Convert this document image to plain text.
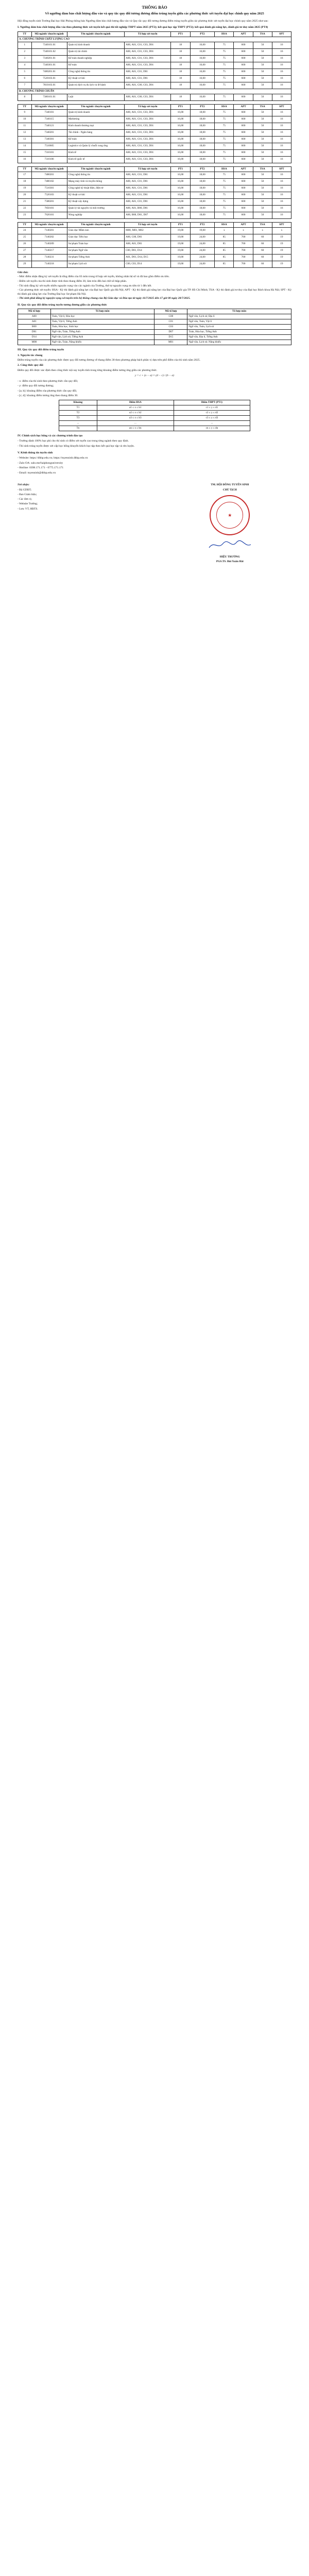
THÔNG BÁO
Về ngưỡng đảm bảo chất lượng đầu vào và quy tắc quy đổi tương đương điểm trúng tuyển giữa các phương thức xét tuyển đại học chính quy năm 2025

Hội đồng tuyển sinh Trường Đại học Hải Phòng thông báo Ngưỡng đảm bảo chất lượng đầu vào và Quy tắc quy đổi tương đương điểm trúng tuyển giữa các phương thức xét tuyển đại học chính quy năm 2025 như sau:

I. Ngưỡng đảm bảo chất lượng đầu vào theo phương thức xét tuyển kết quả thi tốt nghiệp THPT năm 2025 (PT2); kết quả học tập THPT (PT2); kết quả đánh giá năng lực, đánh giá tư duy năm 2025 (PT4)

TT	Mã ngành/ chuyên ngành	Tên ngành/ chuyên ngành	Tổ hợp xét tuyển	PT1	PT2	HSA	APT	TSA	SPT
A. CHƯƠNG TRÌNH CHẤT LƯỢNG CAO									
1	7340101.01	Quản trị kinh doanh	A00, A01, C01, C03, D01	18	16,00	75	600	50	16
2	7340101.02	Quản trị tài chính	A00, A01, C01, C03, D01	18	16,00	75	600	50	16
3	7340201.01	Kế toán doanh nghiệp	A00, A01, C01, C03, D01	18	16,00	75	600	50	16
4	7340301.01	Kế toán	A00, A01, C01, C03, D01	18	16,00	75	600	50	16
5	7480201.01	Công nghệ thông tin	A00, A01, C01, D01	18	16,00	75	600	50	16
6	7520103.01	Kỹ thuật cơ khí	A00, A01, C01, D01	18	16,00	75	600	50	16
7	7810103.01	Quản trị dịch vụ du lịch và lữ hành	A00, A01, C00, C03, D01	18	16,00	75	600	50	16
B. CHƯƠNG TRÌNH CHUẨN									
8	7380101.01	Luật	A00, A01, C00, C03, D01	18	16,00	75	600	50	16
TT	Mã ngành/ chuyên ngành	Tên ngành/ chuyên ngành	Tổ hợp xét tuyển	PT1	PT2	HSA	APT	TSA	SPT
9	7340101	Quản trị kinh doanh	A00, A01, C01, C03, D01	16,00	18,00	75	600	50	16
10	7340115	Marketing	A00, A01, C01, C03, D01	16,00	18,00	75	600	50	16
11	7340121	Kinh doanh thương mại	A00, A01, C01, C03, D01	16,00	18,00	75	600	50	16
12	7340201	Tài chính - Ngân hàng	A00, A01, C01, C03, D01	16,00	18,00	75	600	50	16
13	7340301	Kế toán	A00, A01, C01, C03, D01	16,00	18,00	75	600	50	16
14	7510605	Logistics và Quản lý chuỗi cung ứng	A00, A01, C01, C03, D01	16,00	18,00	75	600	50	16
15	7310101	Kinh tế	A00, A01, C01, C03, D01	16,00	18,00	75	600	50	16
16	7310106	Kinh tế quốc tế	A00, A01, C01, C03, D01	16,00	18,00	75	600	50	16
TT	Mã ngành/ chuyên ngành	Tên ngành/ chuyên ngành	Tổ hợp xét tuyển	PT1	PT2	HSA	APT	TSA	SPT
17	7480201	Công nghệ thông tin	A00, A01, C01, D01	16,00	18,00	75	600	50	16
18	7480102	Mạng máy tính và truyền thông	A00, A01, C01, D01	16,00	18,00	75	600	50	16
19	7510301	Công nghệ kỹ thuật điện, điện tử	A00, A01, C01, D01	16,00	18,00	75	600	50	16
20	7520103	Kỹ thuật cơ khí	A00, A01, C01, D01	16,00	18,00	75	600	50	16
21	7580201	Kỹ thuật xây dựng	A00, A01, C01, D01	16,00	18,00	75	600	50	16
22	7850101	Quản lý tài nguyên và môi trường	A00, A01, B00, D01	16,00	18,00	75	600	50	16
23	7620101	Nông nghiệp	A00, B00, D01, D07	16,00	18,00	75	600	50	16
TT	Mã ngành/ chuyên ngành	Tên ngành/ chuyên ngành	Tổ hợp xét tuyển	PT1	PT2	HSA	APT	TSA	SPT
24	7140201	Giáo dục Mầm non	M00, M01, M02	19,00	19,00	x	x	x	x
25	7140202	Giáo dục Tiểu học	A00, C00, D01	19,00	24,00	85	700	60	19
26	7140209	Sư phạm Toán học	A00, A01, D01	19,00	24,00	85	700	60	19
27	7140217	Sư phạm Ngữ văn	C00, D01, D14	19,00	24,00	85	700	60	19
28	7140231	Sư phạm Tiếng Anh	A01, D01, D14, D15	19,00	24,00	85	700	60	19
29	7140218	Sư phạm Lịch sử	C00, C03, D14	19,00	24,00	85	700	60	19

Ghi chú:

- Mức điểm nhận đăng ký xét tuyển là tổng điểm của 03 môn trong tổ hợp xét tuyển, không nhân hệ số và đã bao gồm điểm ưu tiên.

- Điểm xét tuyển của thí sinh được tính theo thang điểm 30, làm tròn đến hai chữ số thập phân.

- Thí sinh đăng ký xét tuyển nhiều nguyện vọng vào các ngành của Trường, thứ tự nguyện vọng ưu tiên từ 1 đến hết.

- Các phương thức xét tuyển: HSA - Kỳ thi đánh giá năng lực của Đại học Quốc gia Hà Nội; APT - Kỳ thi đánh giá năng lực của Đại học Quốc gia TP. Hồ Chí Minh; TSA - Kỳ thi đánh giá tư duy của Đại học Bách khoa Hà Nội; SPT - Kỳ thi đánh giá năng lực của Trường Đại học Sư phạm Hà Nội.

- Thí sinh phải đăng ký nguyện vọng xét tuyển trên hệ thống chung của Bộ Giáo dục và Đào tạo từ ngày 16/7/2025 đến 17 giờ 00 ngày 28/7/2025.

II. Quy tắc quy đổi điểm trúng tuyển tương đương giữa các phương thức

Mã tổ hợp	Tổ hợp môn	Mã tổ hợp	Tổ hợp môn
A00	Toán, Vật lí, Hóa học	C00	Ngữ văn, Lịch sử, Địa lí
A01	Toán, Vật lí, Tiếng Anh	C01	Ngữ văn, Toán, Vật lí
B00	Toán, Hóa học, Sinh học	C03	Ngữ văn, Toán, Lịch sử
D01	Ngữ văn, Toán, Tiếng Anh	D07	Toán, Hóa học, Tiếng Anh
D14	Ngữ văn, Lịch sử, Tiếng Anh	D15	Ngữ văn, Địa lí, Tiếng Anh
M00	Ngữ văn, Toán, Năng khiếu	M01	Ngữ văn, Lịch sử, Năng khiếu

III. Quy tắc quy đổi điểm trúng tuyển

1. Nguyên tắc chung

Điểm trúng tuyển của các phương thức được quy đổi tương đương về thang điểm 30 theo phương pháp bách phân vị dựa trên phổ điểm của thí sinh năm 2025.

2. Công thức quy đổi

Điểm quy đổi được xác định theo công thức nội suy tuyến tính trong từng khoảng điểm tương ứng giữa các phương thức.

y = c + (x − a) × (d − c) / (b − a)

- x: điểm của thí sinh theo phương thức cần quy đổi;

- y: điểm quy đổi tương đương;

- [a; b]: khoảng điểm của phương thức cần quy đổi;

- [c; d]: khoảng điểm tương ứng theo thang điểm 30.

Khoảng	Điểm HSA	Điểm THPT (PT1)
T1	a1 ≤ x ≤ b1	c1 ≤ y ≤ d1
T2	a2 ≤ x ≤ b2	c2 ≤ y ≤ d2
T3	a3 ≤ x ≤ b3	c3 ≤ y ≤ d3
...	...	...
Tn	an ≤ x ≤ bn	cn ≤ y ≤ dn

IV. Chính sách học bổng và các chương trình đào tạo

- Trường dành 100% học phí cho thí sinh có điểm xét tuyển cao trong từng ngành theo quy định.

- Thí sinh trúng tuyển được xét cấp học bổng khuyến khích học tập theo kết quả học tập và rèn luyện.

V. Kênh thông tin tuyển sinh

- Website: https://dhhp.edu.vn; https://tuyensinh.dhhp.edu.vn

- Zalo OA: zalo.me/haiphonguniversity

- Hotline: 0398.171.171 - 0775.171.171

- Email: tuyensinh@dhhp.edu.vn

Nơi nhận:

- Bộ GDĐT;

- Ban Giám hiệu;

- Các đơn vị;

- Website Trường;

- Lưu: VT, HĐTS.

TM. HỘI ĐỒNG TUYỂN SINH

CHỦ TỊCH

★

HIỆU TRƯỞNG

PGS.TS. Bùi Xuân Hải
